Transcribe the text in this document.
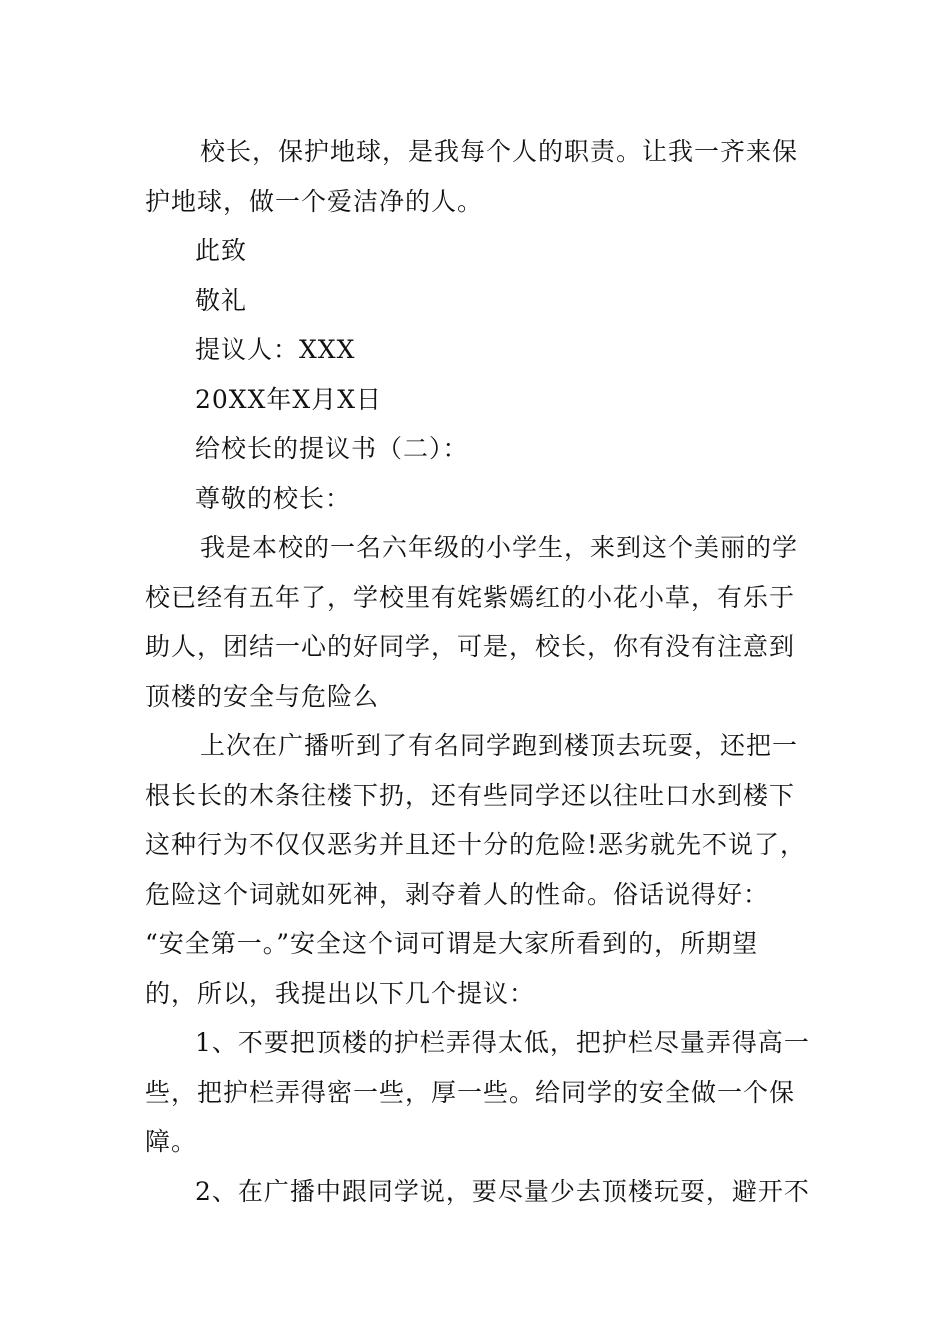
校长，保护地球，是我每个人的职责。让我一齐来保
护地球，做一个爱洁净的人。
此致
敬礼
提议人：XXX
20XX年X月X日
给校长的提议书（二）：
尊敬的校长：
我是本校的一名六年级的小学生，来到这个美丽的学
校已经有五年了，学校里有姹紫嫣红的小花小草，有乐于
助人，团结一心的好同学，可是，校长，你有没有注意到
顶楼的安全与危险么
上次在广播听到了有名同学跑到楼顶去玩耍，还把一
根长长的木条往楼下扔，还有些同学还以往吐口水到楼下
这种行为不仅仅恶劣并且还十分的危险!恶劣就先不说了，
危险这个词就如死神，剥夺着人的性命。俗话说得好：
“安全第一。”安全这个词可谓是大家所看到的，所期望
的，所以，我提出以下几个提议：
1、不要把顶楼的护栏弄得太低，把护栏尽量弄得高一
些，把护栏弄得密一些，厚一些。给同学的安全做一个保
障。
2、在广播中跟同学说，要尽量少去顶楼玩耍，避开不
